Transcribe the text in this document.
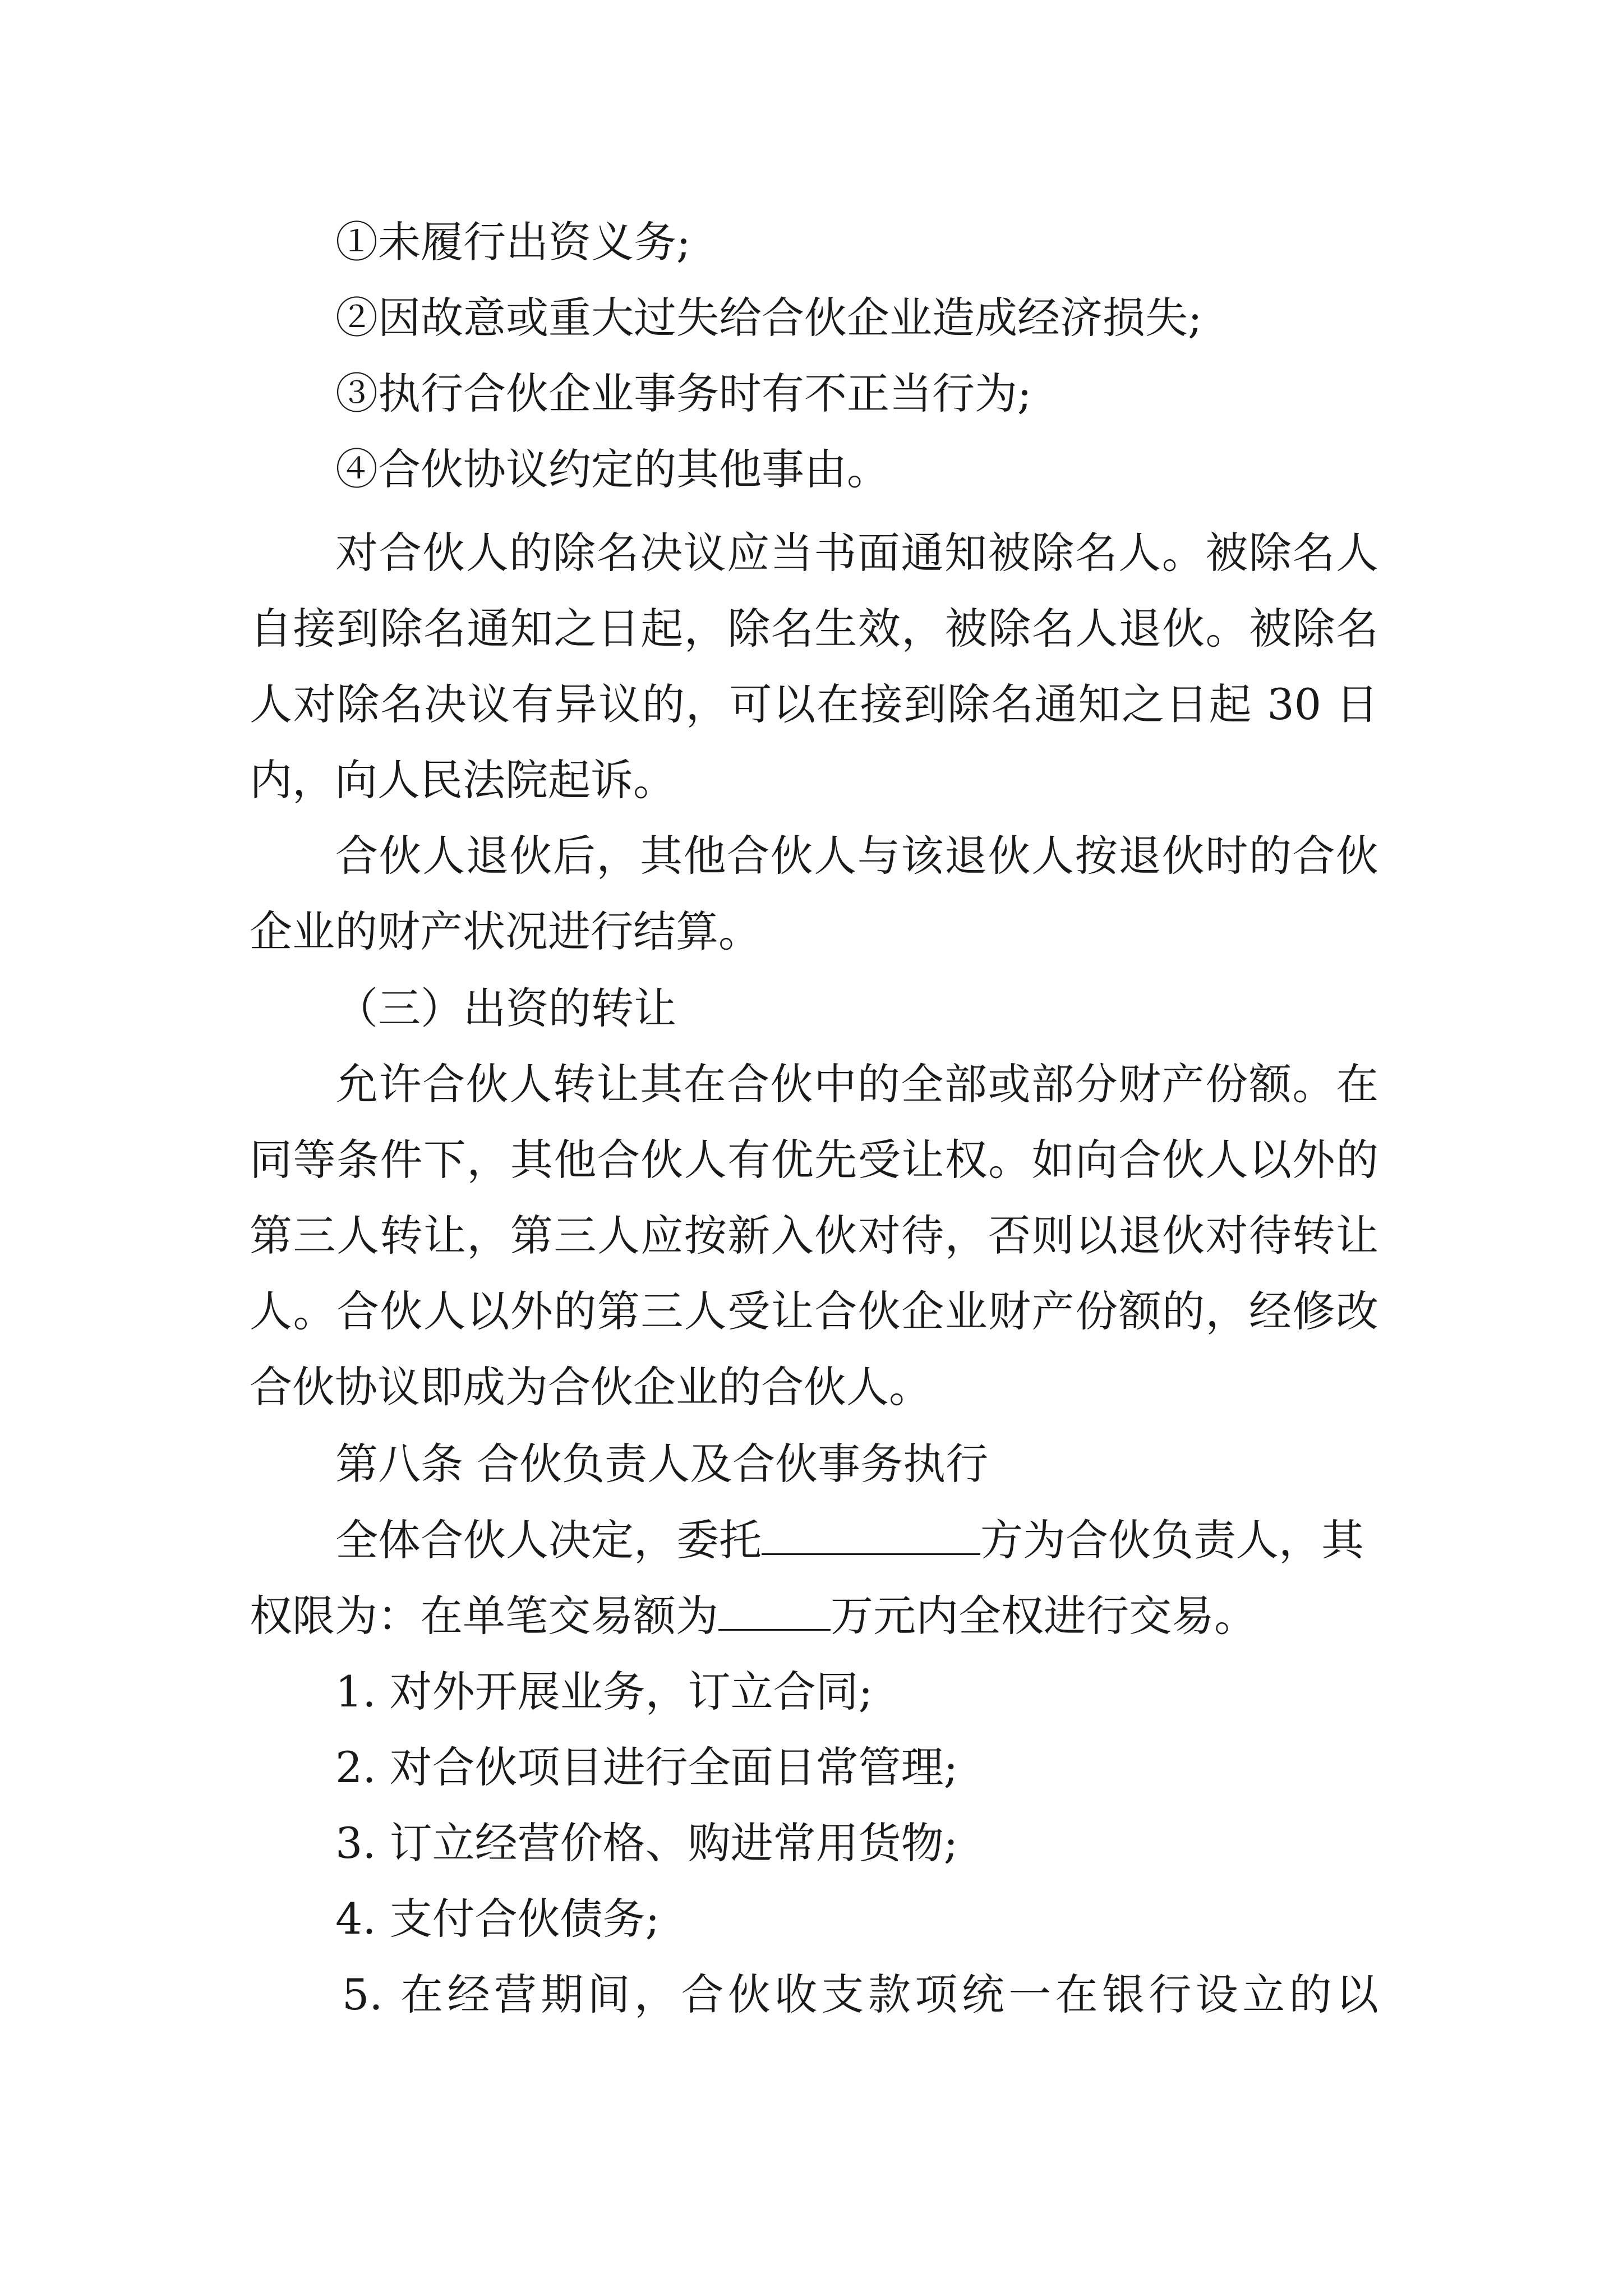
①未履行出资义务;
②因故意或重大过失给合伙企业造成经济损失;
③执行合伙企业事务时有不正当行为;
④合伙协议约定的其他事由。
对合伙人的除名决议应当书面通知被除名人。被除名人
自接到除名通知之日起，除名生效，被除名人退伙。被除名
人对除名决议有异议的，可以在接到除名通知之日起 30 日
内，向人民法院起诉。
合伙人退伙后，其他合伙人与该退伙人按退伙时的合伙
企业的财产状况进行结算。
（三）出资的转让
允许合伙人转让其在合伙中的全部或部分财产份额。在
同等条件下，其他合伙人有优先受让权。如向合伙人以外的
第三人转让，第三人应按新入伙对待，否则以退伙对待转让
人。合伙人以外的第三人受让合伙企业财产份额的，经修改
合伙协议即成为合伙企业的合伙人。
第八条 合伙负责人及合伙事务执行
全体合伙人决定，委托	方为合伙负责人，其
权限为：在单笔交易额为	万元内全权进行交易。
1. 对外开展业务，订立合同;
2. 对合伙项目进行全面日常管理;
3. 订立经营价格、购进常用货物;
4. 支付合伙债务;
5. 在经营期间，合伙收支款项统一在银行设立的以
